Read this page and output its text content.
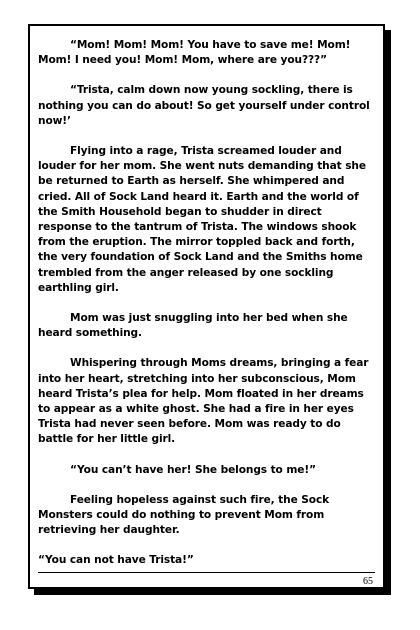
“Mom! Mom! Mom! You have to save me! Mom! Mom! I need you! Mom! Mom, where are you???”

“Trista, calm down now young sockling, there is nothing you can do about! So get yourself under control now!’

Flying into a rage, Trista screamed louder and louder for her mom. She went nuts demanding that she be returned to Earth as herself. She whimpered and cried. All of Sock Land heard it. Earth and the world of the Smith Household began to shudder in direct response to the tantrum of Trista. The windows shook from the eruption. The mirror toppled back and forth, the very foundation of Sock Land and the Smiths home trembled from the anger released by one sockling earthling girl.

Mom was just snuggling into her bed when she heard something.

Whispering through Moms dreams, bringing a fear into her heart, stretching into her subconscious, Mom heard Trista’s plea for help. Mom floated in her dreams to appear as a white ghost. She had a fire in her eyes Trista had never seen before. Mom was ready to do battle for her little girl.

“You can’t have her! She belongs to me!”

Feeling hopeless against such fire, the Sock Monsters could do nothing to prevent Mom from retrieving her daughter.

“You can not have Trista!”

65
